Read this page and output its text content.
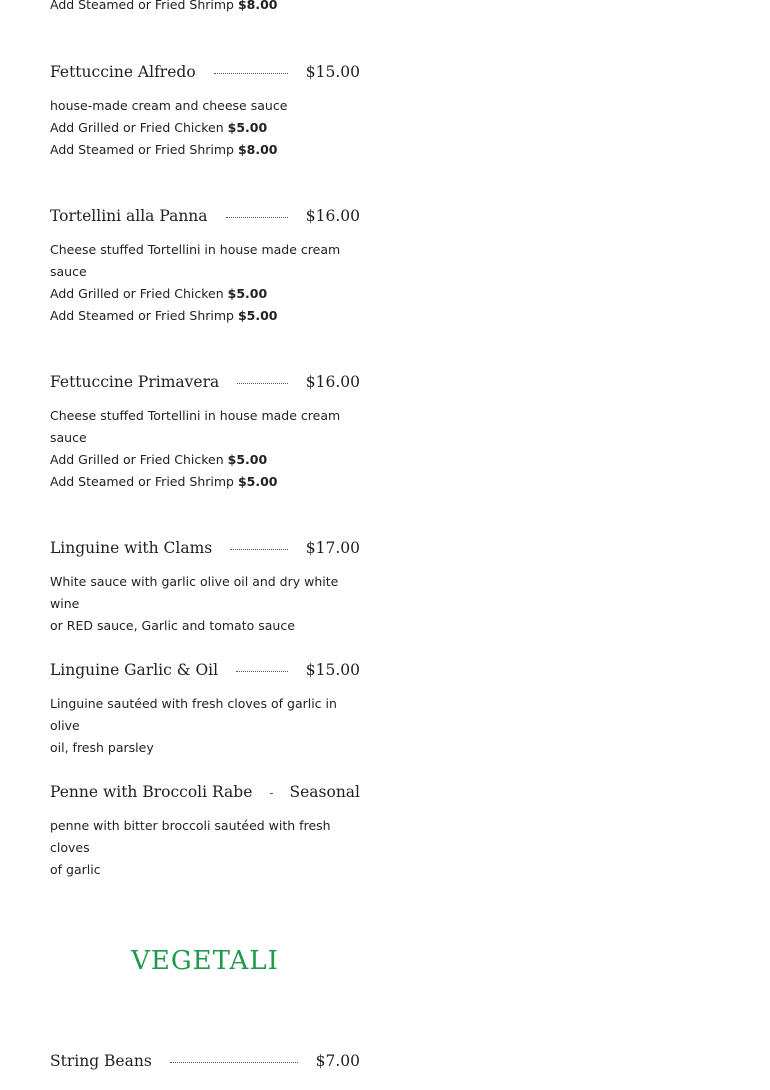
Add Steamed or Fried Shrimp $8.00
Fettuccine Alfredo	$15.00
house-made cream and cheese sauce
Add Grilled or Fried Chicken $5.00
Add Steamed or Fried Shrimp $8.00
Tortellini alla Panna	$16.00
Cheese stuffed Tortellini in house made cream
sauce
Add Grilled or Fried Chicken $5.00
Add Steamed or Fried Shrimp $5.00
Fettuccine Primavera	$16.00
Cheese stuffed Tortellini in house made cream
sauce
Add Grilled or Fried Chicken $5.00
Add Steamed or Fried Shrimp $5.00
Linguine with Clams	$17.00
White sauce with garlic olive oil and dry white wine
or RED sauce, Garlic and tomato sauce
Linguine Garlic & Oil	$15.00
Linguine sautéed with fresh cloves of garlic in olive
oil, fresh parsley
Penne with Broccoli Rabe Seasonal
penne with bitter broccoli sautéed with fresh cloves
of garlic
VEGETALI
String Beans	$7.00
